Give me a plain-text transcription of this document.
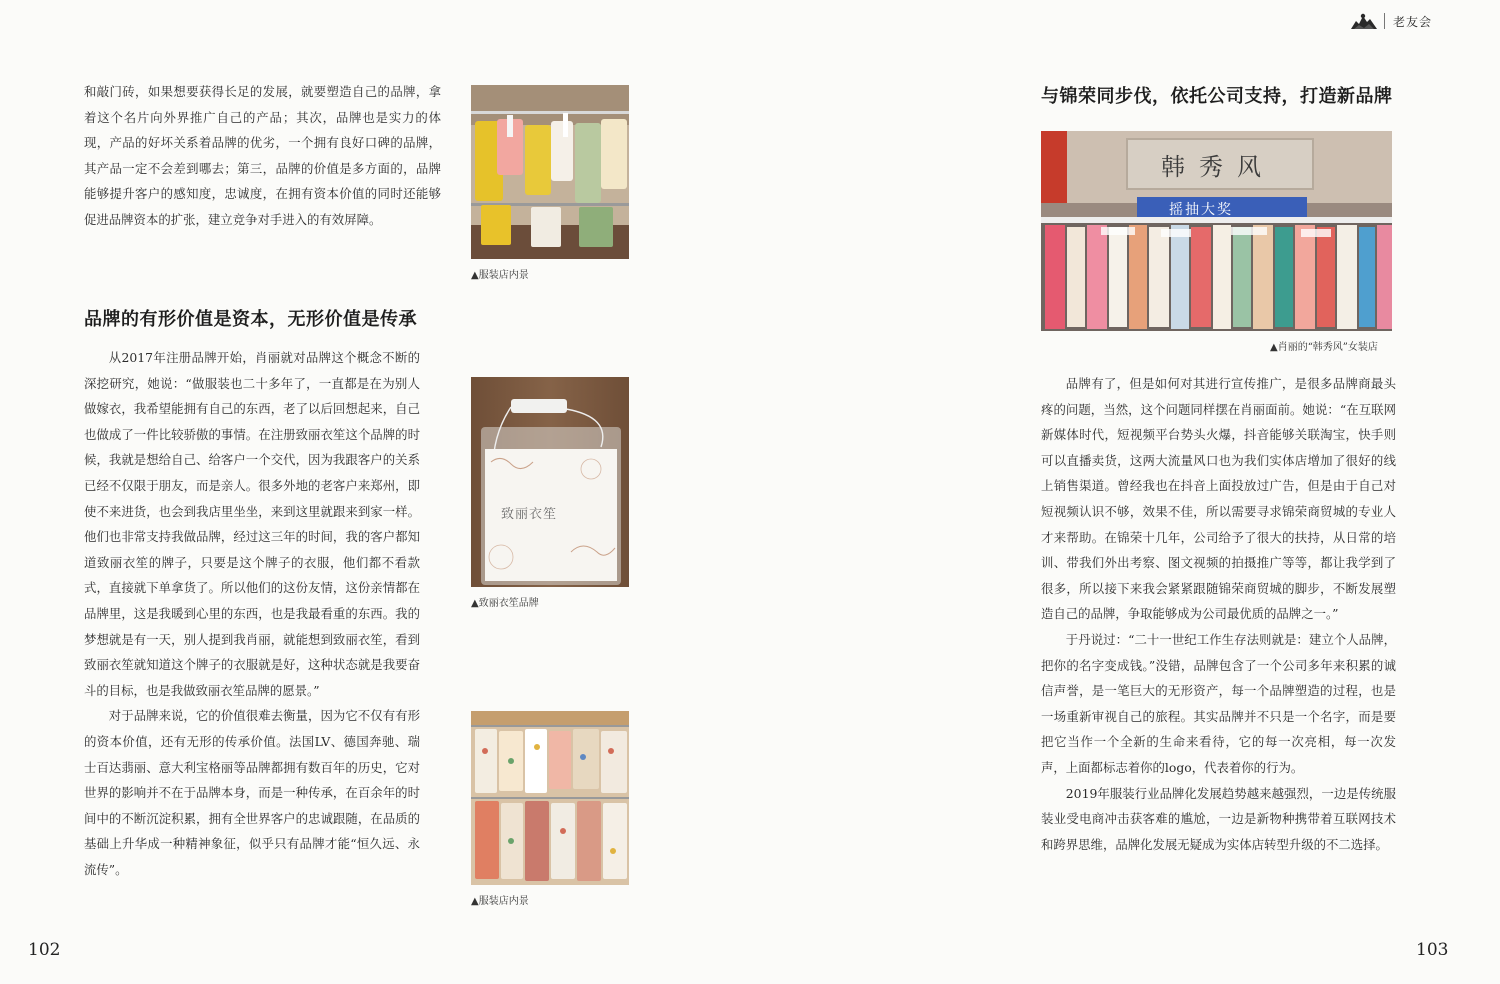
老友会

和敲门砖，如果想要获得长足的发展，就要塑造自己的品牌，拿着这个名片向外界推广自己的产品；其次，品牌也是实力的体现，产品的好坏关系着品牌的优劣，一个拥有良好口碑的品牌，其产品一定不会差到哪去；第三，品牌的价值是多方面的，品牌能够提升客户的感知度，忠诚度，在拥有资本价值的同时还能够促进品牌资本的扩张，建立竞争对手进入的有效屏障。

品牌的有形价值是资本，无形价值是传承

从2017年注册品牌开始，肖丽就对品牌这个概念不断的深挖研究，她说：“做服装也二十多年了，一直都是在为别人做嫁衣，我希望能拥有自己的东西，老了以后回想起来，自己也做成了一件比较骄傲的事情。在注册致丽衣笙这个品牌的时候，我就是想给自己、给客户一个交代，因为我跟客户的关系已经不仅限于朋友，而是亲人。很多外地的老客户来郑州，即使不来进货，也会到我店里坐坐，来到这里就跟来到家一样。他们也非常支持我做品牌，经过这三年的时间，我的客户都知道致丽衣笙的牌子，只要是这个牌子的衣服，他们都不看款式，直接就下单拿货了。所以他们的这份友情，这份亲情都在品牌里，这是我暖到心里的东西，也是我最看重的东西。我的梦想就是有一天，别人提到我肖丽，就能想到致丽衣笙，看到致丽衣笙就知道这个牌子的衣服就是好，这种状态就是我要奋斗的目标，也是我做致丽衣笙品牌的愿景。”

对于品牌来说，它的价值很难去衡量，因为它不仅有有形的资本价值，还有无形的传承价值。法国LV、德国奔驰、瑞士百达翡丽、意大利宝格丽等品牌都拥有数百年的历史，它对世界的影响并不在于品牌本身，而是一种传承，在百余年的时间中的不断沉淀积累，拥有全世界客户的忠诚跟随，在品质的基础上升华成一种精神象征，似乎只有品牌才能“恒久远、永流传”。

▲服装店内景
致丽衣笙
▲致丽衣笙品牌
▲服装店内景
102
与锦荣同步伐，依托公司支持，打造新品牌
韩秀风
摇抽大奖
▲肖丽的“韩秀风”女装店

品牌有了，但是如何对其进行宣传推广，是很多品牌商最头疼的问题，当然，这个问题同样摆在肖丽面前。她说：“在互联网新媒体时代，短视频平台势头火爆，抖音能够关联淘宝，快手则可以直播卖货，这两大流量风口也为我们实体店增加了很好的线上销售渠道。曾经我也在抖音上面投放过广告，但是由于自己对短视频认识不够，效果不佳，所以需要寻求锦荣商贸城的专业人才来帮助。在锦荣十几年，公司给予了很大的扶持，从日常的培训、带我们外出考察、图文视频的拍摄推广等等，都让我学到了很多，所以接下来我会紧紧跟随锦荣商贸城的脚步，不断发展塑造自己的品牌，争取能够成为公司最优质的品牌之一。”

于丹说过：“二十一世纪工作生存法则就是：建立个人品牌，把你的名字变成钱。”没错，品牌包含了一个公司多年来积累的诚信声誉，是一笔巨大的无形资产，每一个品牌塑造的过程，也是一场重新审视自己的旅程。其实品牌并不只是一个名字，而是要把它当作一个全新的生命来看待，它的每一次亮相，每一次发声，上面都标志着你的logo，代表着你的行为。

2019年服装行业品牌化发展趋势越来越强烈，一边是传统服装业受电商冲击获客难的尴尬，一边是新物种携带着互联网技术和跨界思维，品牌化发展无疑成为实体店转型升级的不二选择。

103
